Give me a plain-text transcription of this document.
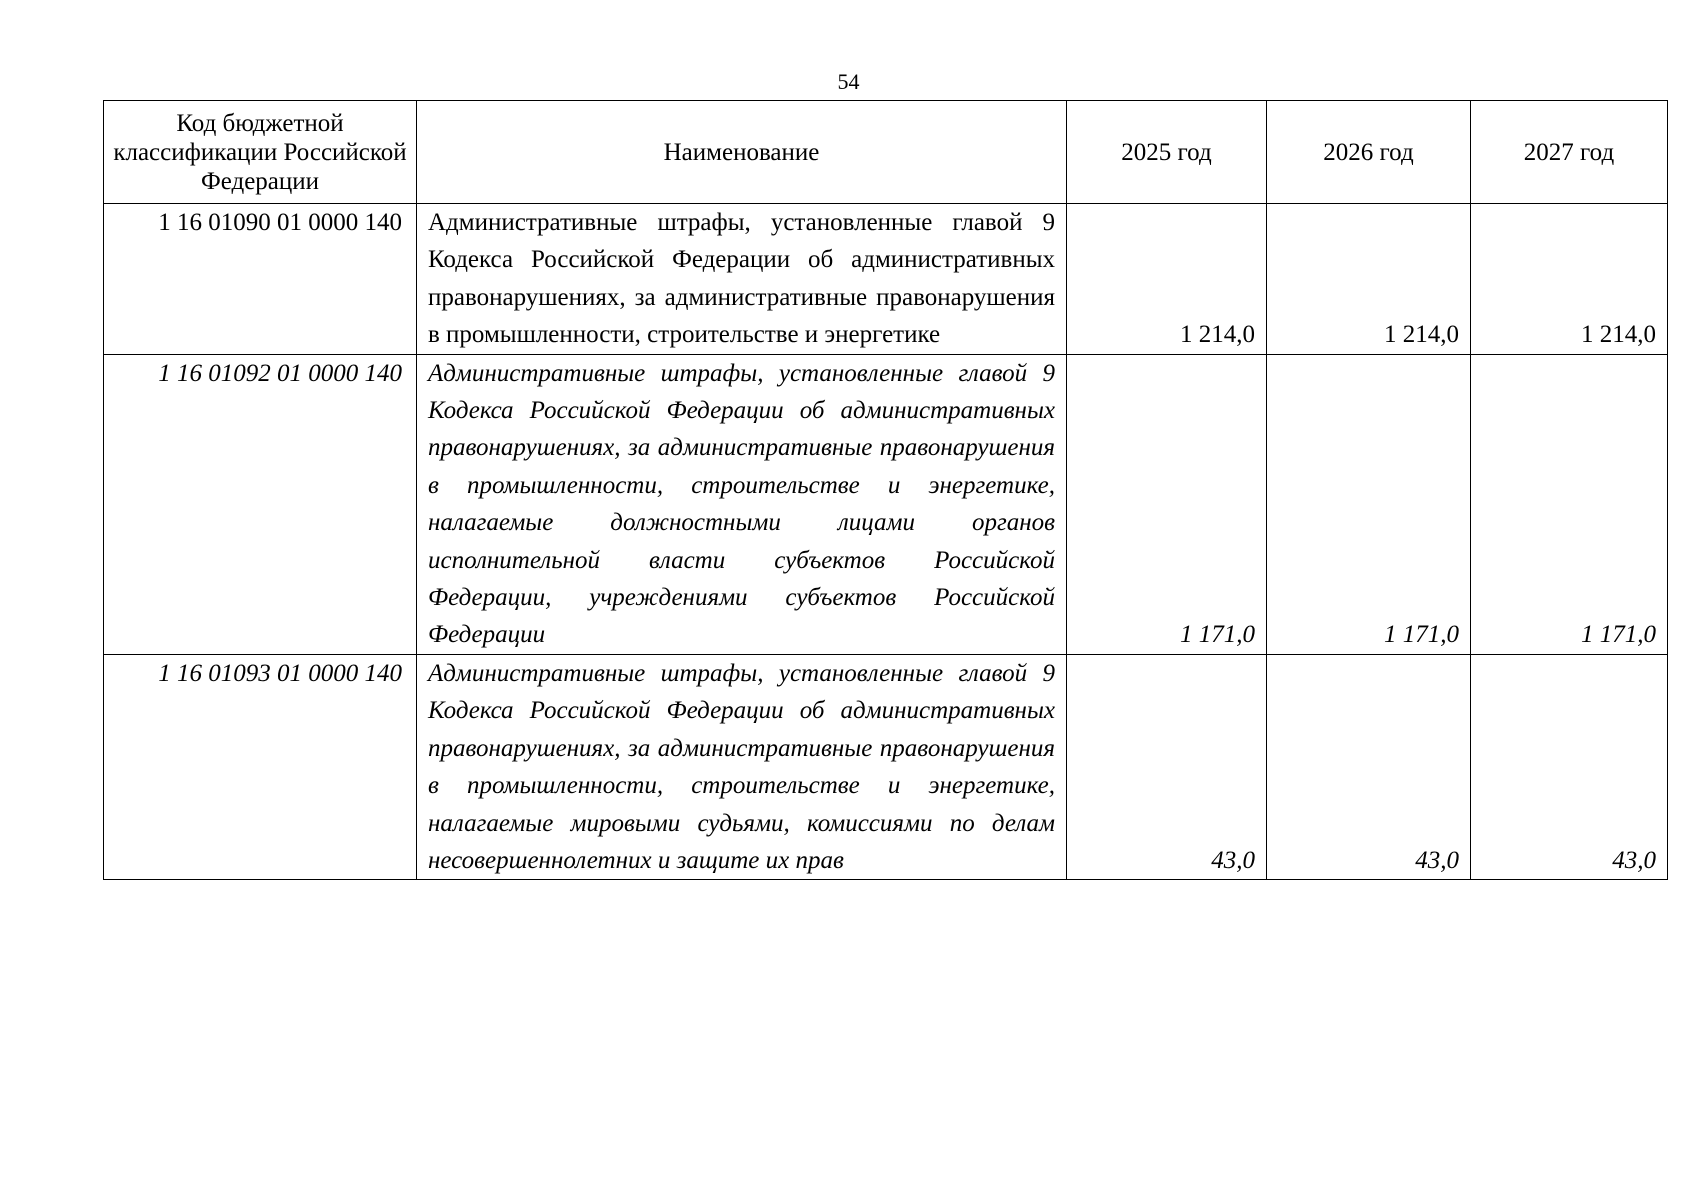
54
Код бюджетной классификации Российской Федерации	Наименование	2025 год	2026 год	2027 год
1 16 01090 01 0000 140	Административные штрафы, установленные главой 9 Кодекса Российской Федерации об административных правонарушениях, за административные правонарушения в промышленности, строительстве и энергетике	1 214,0	1 214,0	1 214,0
1 16 01092 01 0000 140	Административные штрафы, установленные главой 9 Кодекса Российской Федерации об административных правонарушениях, за административные правонарушения в промышленности, строительстве и энергетике, налагаемые должностными лицами органов исполнительной власти субъектов Российской Федерации, учреждениями субъектов Российской Федерации	1 171,0	1 171,0	1 171,0
1 16 01093 01 0000 140	Административные штрафы, установленные главой 9 Кодекса Российской Федерации об административных правонарушениях, за административные правонарушения в промышленности, строительстве и энергетике, налагаемые мировыми судьями, комиссиями по делам несовершеннолетних и защите их прав	43,0	43,0	43,0
